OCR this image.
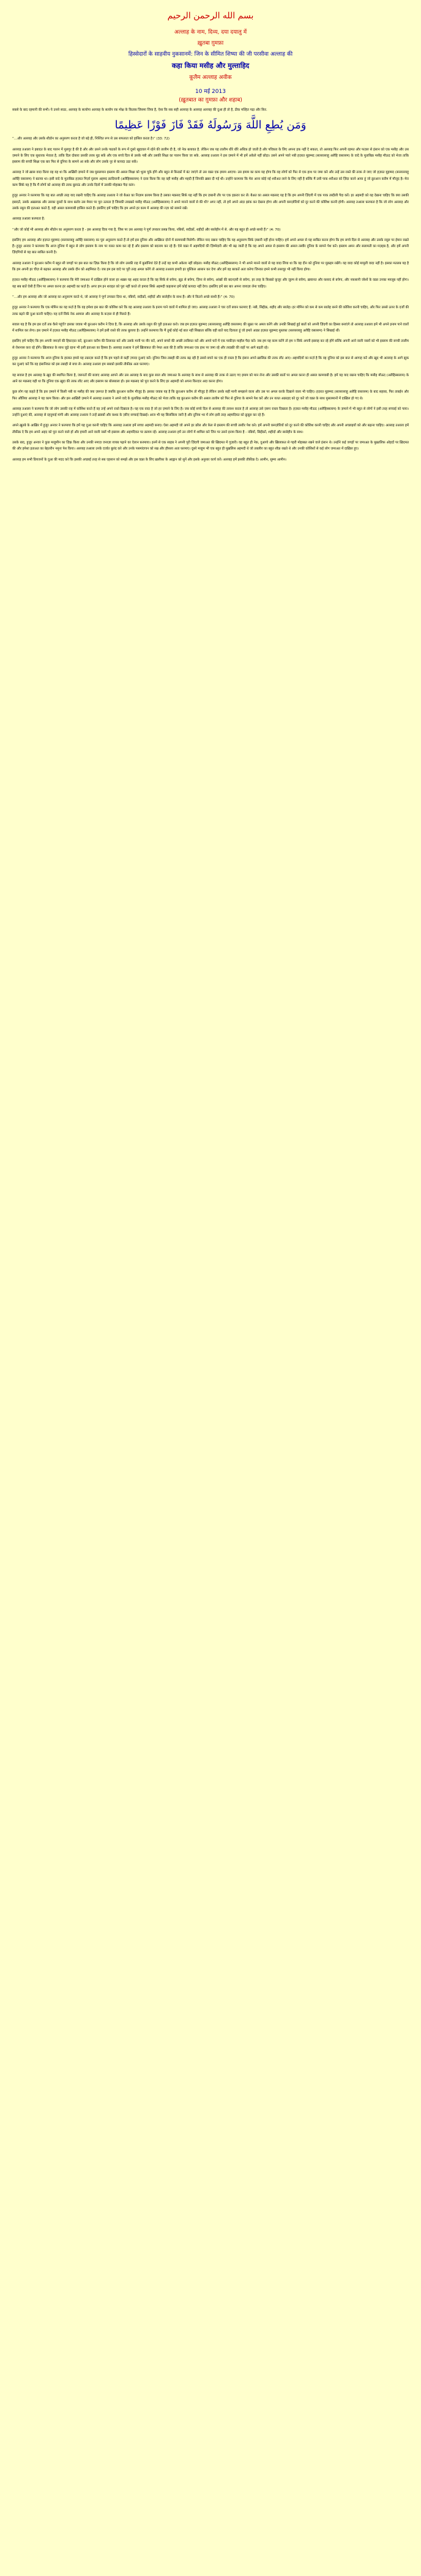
بسم الله الرحمن الرحيم
अल्लाह के नाम, दिव्य, दया दयालु में
ख़ुतबा ग़ुमफ़ा
हिस्सेदारों के साहवीय नुकसानमें: जिन के सीमित शिष्या की जी परसीवा अल्लाह की
कहा किया मसीह और मुल्ताहिद
कूलैम अल्लाह अवीक
10 मई 2013
(ख़ुतबात का ग़ुमफ़ा और शहाब)
सबसे के बाद रहमानी की सभी। ये उनसे साठा, अल्लाह के सत्योपा अल्लाह के सत्योप रफ़ मोक्ष के किताब जिसमा जिया है, ऐसा कि सब सही अल्लाह के अल्लाह अल्लाह की दुआ ही तो है, ठीक मल्हित पढ़ा और फ़िर.
وَمَن يُطِعِ اللَّهَ وَرَسُولَهُ فَقَدْ فَازَ فَوْزًا عَظِيمًا
“…और अल्लाह और उसके शीडोन का अनुसरण करता है जो बड़े ही, निश्चित रूप से उस सफलता को हासिल करता है।” (33: 72)
अल्लाह तआला ने इबादत के बाद पालन में मुलगुर है की है और और उसने उनके पाठकों के रूप में दूसरे खुदावल में रहेने की तालीम दी है, जो नेक बलावत है. लेकिन जब यह तालीम धीरे धीरे अधिक हो जाती है और पवित्रता के लिए अपना इक नहीं दे सकता, तो अल्लाह फिर अपनी रहमत और फज़ल से इंसान को एक मसीह और उस ज़माने के लिए एक सुधारक भेजता है, ताकि दिल दोबारा उसकी तरफ़ मुड़ सकें और एक सच्चे दिल से उसके नबी और उसकी शिक्षा का पालन किया जा सके. अल्लाह तआला ने इस ज़माने में भी हमें अकेले नहीं छोड़ा। उसने अपने प्यारे नबी हज़रत मुहम्मद (सल्लल्लाहु अलैहि वसल्लम) के वादे के मुताबिक़ मसीह मौऊद को भेजा ताकि इस्लाम की सच्ची शिक्षा एक बार फिर से दुनिया के सामने आ सके और लोग उसके नूर से फ़ायदा उठा सकें।
अल्लाह ने जो ख़ास वादा किया वह यह था कि आख़िरी ज़माने में जब मुसलमान इस्लाम की असल शिक्षा को भुला चुके होंगे और बहुत से फ़िरक़ों में बंट जाएंगे तो उस वक़्त एक इमाम आएगा। उस इमाम का काम यह होगा कि वह लोगों को फिर से एक हाथ पर जमा करे और उन्हें उस रास्ते की तरफ़ ले जाए जो हज़रत मुहम्मद (सल्लल्लाहु अलैहि वसल्लम) ने बताया था। इसी वादे के मुताबिक़ हज़रत मिर्ज़ा ग़ुलाम अहमद क़ादियानी (अलैहिस्सलाम) ने दावा किया कि वह वही मसीह और महदी हैं जिनकी ख़बर दी गई थी। उन्होंने फ़रमाया कि मेरा आना कोई नई शरीअत लाने के लिए नहीं है बल्कि मैं उसी पाक शरीअत को ज़िंदा करने आया हूं जो क़ुरआन करीम में मौजूद है। मेरा काम सिर्फ़ यह है कि मैं लोगों को अल्लाह की तरफ़ बुलाऊं और उनके दिलों में उसकी मोहब्बत पैदा करूं।
हुज़ूर अनवर ने फ़रमाया कि यह बात अच्छी तरह याद रखनी चाहिए कि अल्लाह तआला ने जो बैअत का निज़ाम क़ायम किया है उसका मक़सद सिर्फ़ यह नहीं कि हम ज़बानी तौर पर एक इक़रार कर लें। बैअत का असल मक़सद यह है कि हम अपनी ज़िंदगी में एक पाक तब्दीली पैदा करें। हर अहमदी को यह देखना चाहिए कि क्या उसकी इबादतें, उसके अख़लाक़ और उसका दूसरों के साथ बर्ताव उस मेयार पर पूरा उतरता है जिसकी तवक़्क़ो मसीह मौऊद (अलैहिस्सलाम) ने अपने मानने वालों से की थी? अगर नहीं, तो हमें अपने अंदर झांक कर देखना होगा और अपनी कमज़ोरियों को दूर करने की कोशिश करनी होगी। अल्लाह तआला फ़रमाता है कि जो लोग अल्लाह और उसके रसूल की इताअत करते हैं, वही असल कामयाबी हासिल करते हैं। इसलिए हमें चाहिए कि हम अपने हर काम में अल्लाह की रज़ा को सामने रखें।
अल्लाह तआला फ़रमाता है:
“और जो कोई भी अल्लाह और शीडोन का अनुसरण करता है - इस अल्लाह दिया गया है, जिस पर उस अल्लाह ने पूर्ण उपकार प्रसन्न किया, नबियों, सदीक़ों, शहीदों और सालेहीन में से. और यह बहुत ही अच्छे साथी हैं।” (4: 70)
इसलिए हम अल्लाह और हज़रत मुहम्मद (सल्लल्लाहु अलैहि वसल्लम) का पूरा अनुसरण करते हैं तो हमें इस दुनिया और आख़िरत दोनों में कामयाबी मिलेगी। लेकिन याद रखना चाहिए कि यह अनुसरण सिर्फ़ ज़बानी नहीं होना चाहिए। हमें अपने अमल से यह साबित करना होगा कि हम सच्चे दिल से अल्लाह और उसके रसूल पर ईमान रखते हैं। हुज़ूर अनवर ने फ़रमाया कि आज दुनिया में बहुत से लोग इस्लाम के नाम पर ग़लत काम कर रहे हैं और इस्लाम को बदनाम कर रहे हैं। ऐसे वक़्त में अहमदियों की ज़िम्मेदारी और भी बढ़ जाती है कि वह अपने अमल से इस्लाम की असल तस्वीर दुनिया के सामने पेश करें। इस्लाम अमन और सलामती का मज़हब है, और हमें अपनी ज़िंदगियों से यह बात साबित करनी है।
अल्लाह तआला ने कुरआन करीम में बहुत सी जगहों पर इस बात का ज़िक्र किया है कि जो लोग उसकी राह में क़ुर्बानियां देते हैं उन्हें वह कभी अकेला नहीं छोड़ता। मसीह मौऊद (अलैहिस्सलाम) ने भी अपने मानने वालों से यह वादा लिया था कि वह दीन को दुनिया पर मुक़द्दम रखेंगे। यह वादा कोई मामूली वादा नहीं है। इसका मतलब यह है कि हम अपनी हर चीज़ से बढ़कर अल्लाह और उसके दीन को अहमियत दें। जब हम इस वादे पर पूरी तरह अमल करेंगे तो अल्लाह तआला हमारी हर मुश्किल आसान कर देगा और हमें वह बरकतें अता करेगा जिनका हमने कभी तसव्वुर भी नहीं किया होगा।
हज़रत मसीह मौऊद (अलैहिस्सलाम) ने फ़रमाया कि मेरी जमाअत में दाख़िल होने वाला हर शख़्स यह अहद करता है कि वह शिर्क से बचेगा, झूठ से बचेगा, ज़िना से बचेगा, आंखों की बदनज़री से बचेगा, हर तरह के फ़िस्क़ो फ़ुजूर और ज़ुल्म से बचेगा, ख़यानत और फ़साद से बचेगा, और नफ़सानी जोशों के वक़्त उनका मग़लूब नहीं होगा। यह सब बातें ऐसी हैं जिन पर अमल करना हर अहमदी का फ़र्ज़ है। अगर हम इन शराइत को पूरा नहीं करते तो हमारा सिर्फ़ अहमदी कहलाना हमें कोई फ़ायदा नहीं देगा। इसलिए हमें बार बार अपना जायज़ा लेना चाहिए।
“…और हम अल्लाह और जो अल्लाह का अनुसरण करते थे, जो अल्लाह ने पूर्ण उपकार दिया था, नबियों, सदीक़ों, शहीदों और सालेहीन के साथ हैं। और ये कितने अच्छे साथी हैं।” (4: 70)
हुज़ूर अनवर ने फ़रमाया कि एक मोमिन का यह फ़र्ज़ है कि वह हमेशा इस बात की कोशिश करे कि वह अल्लाह तआला के इनाम पाने वालों में शामिल हो जाए। अल्लाह तआला ने चार दर्जे बयान फ़रमाए हैं: नबी, सिद्दीक़, शहीद और सालेह। हर मोमिन को कम से कम सालेह बनने की कोशिश करनी चाहिए, और फिर उससे ऊपर के दर्जों की तरफ़ बढ़ने की दुआ करनी चाहिए। यह दर्जे सिर्फ़ नेक आमाल और अल्लाह के फ़ज़ल से ही मिलते हैं।
सवाल यह है कि हम इस दर्जे तक कैसे पहुंचें? इसका जवाब भी क़ुरआन करीम ने दिया है, कि अल्लाह और उसके रसूल की पूरी इताअत करो। जब हम हज़रत मुहम्मद (सल्लल्लाहु अलैहि वसल्लम) की सुन्नत पर अमल करेंगे और उनकी सिखाई हुई बातों को अपनी ज़िंदगी का हिस्सा बनाएंगे तो अल्लाह तआला हमें भी अपने इनाम पाने वालों में शामिल कर लेगा। इस ज़माने में हज़रत मसीह मौऊद (अलैहिस्सलाम) ने हमें इसी रास्ते की तरफ़ बुलाया है। उन्होंने फ़रमाया कि मैं तुम्हें कोई नई बात नहीं सिखाता बल्कि वही बातें याद दिलाता हूं जो हमारे आक़ा हज़रत मुहम्मद मुस्तफ़ा (सल्लल्लाहु अलैहि वसल्लम) ने सिखाई थीं।
इसलिए हमें चाहिए कि हम अपनी नमाज़ों की हिफ़ाज़त करें, क़ुरआन करीम की तिलावत करें और उसके मानी पर ग़ौर करें, अपने बच्चों की अच्छी तरबियत करें और अपने घरों में एक पाकीज़ा माहौल पैदा करें। जब हम यह काम करेंगे तो हम न सिर्फ़ अपनी इस्लाह कर रहे होंगे बल्कि अपनी आने वाली नस्लों को भी इस्लाम की सच्ची तालीम से रोशनास करा रहे होंगे। ख़िलाफ़त के साथ जुड़े रहना भी इसी इताअत का हिस्सा है। अल्लाह तआला ने हमें ख़िलाफ़त की नेमत अता की है ताकि जमाअत एक हाथ पर जमा रहे और तरक़्क़ी की राहों पर आगे बढ़ती रहे।
हुज़ूर अनवर ने फ़रमाया कि आज दुनिया के हालात हमसे यह तक़ाज़ा करते हैं कि हम पहले से कहीं ज़्यादा दुआएं करें। दुनिया जिस तबाही की तरफ़ बढ़ रही है उससे बचने का एक ही रास्ता है कि इंसान अपने ख़ालिक़ की तरफ़ लौट आए। अहमदियों का फ़र्ज़ है कि वह दुनिया को इस बात से आगाह करें और ख़ुद भी अल्लाह के आगे झुक कर दुआएं करें कि वह इंसानियत को इस तबाही से बचा ले। अल्लाह तआला हम सबको इसकी तौफ़ीक़ अता फ़रमाए।
यह सवाल है हम अल्लाह के ख़ुद की स्थापित किया है, जरूरतों की बजाए अल्लाह आपने और उस अल्लाह के बाद कुछ साल और जमाअत के अल्लाह के साथ से अल्लाह की तरफ़ से उठाए गए इमाम को मान लेना और उसकी बातों पर अमल करना ही असल कामयाबी है। हमें यह याद रखना चाहिए कि मसीह मौऊद (अलैहिस्सलाम) के आने का मक़सद यही था कि दुनिया एक ख़ुदा की तरफ़ लौट आए और इस्लाम का बोलबाला हो। इस मक़सद को पूरा करने के लिए हर अहमदी को अपना किरदार अदा करना होगा।
कुछ लोग यह कहते हैं कि इस ज़माने में किसी नबी या मसीह की क्या ज़रूरत है जबकि क़ुरआन करीम मौजूद है। इसका जवाब यह है कि क़ुरआन करीम तो मौजूद है लेकिन उसके सही मानी समझाने वाला और उस पर अमल करके दिखाने वाला भी चाहिए। हज़रत मुहम्मद (सल्लल्लाहु अलैहि वसल्लम) के बाद सहाबा, फिर ताबईन और फिर औलिया अल्लाह ने यह काम किया। और इस आख़िरी ज़माने में अल्लाह तआला ने अपने वादे के मुताबिक़ मसीह मौऊद को भेजा ताकि वह क़ुरआन करीम की असल तालीम को फिर से दुनिया के सामने पेश करें और उन ग़लत अक़ाइद को दूर करें जो वक़्त के साथ मुसलमानों में दाख़िल हो गए थे।
अल्लाह तआला ने फ़रमाया कि जो लोग उसकी राह में कोशिश करते हैं वह उन्हें अपने रास्ते दिखाता है। यह एक वादा है जो हर ज़माने के लिए है। जब कोई सच्चे दिल से अल्लाह की तलाश करता है तो अल्लाह उसे ज़रूर रास्ता दिखाता है। हज़रत मसीह मौऊद (अलैहिस्सलाम) के ज़माने में भी बहुत से लोगों ने इसी तरह सच्चाई को पाया। उन्होंने दुआएं कीं, अल्लाह से रहनुमाई मांगी और अल्लाह तआला ने उन्हें ख़्वाबों और कश्फ़ के ज़रिए सच्चाई दिखाई। आज भी यह सिलसिला जारी है और दुनिया भर में लोग इसी तरह अहमदियत को क़ुबूल कर रहे हैं।
अपने ख़ुतबे के आख़िर में हुज़ूर अनवर ने फ़रमाया कि हमें यह दुआ करनी चाहिए कि अल्लाह तआला हमें सच्चा अहमदी बनाए। ऐसा अहमदी जो अपने हर क़ौल और फ़ेल से इस्लाम की सच्ची तस्वीर पेश करे। हमें अपनी कमज़ोरियों को दूर करने की कोशिश करनी चाहिए और अपनी अच्छाइयों को और बढ़ाना चाहिए। अल्लाह तआला हमें तौफ़ीक़ दे कि हम अपने अहद को पूरा करने वाले हों और हमारी आने वाली नस्लें भी इस्लाम और अहमदियत पर क़ायम रहें। अल्लाह तआला हमें उन लोगों में शामिल करे जिन पर उसने इनाम किया है - नबियों, सिद्दीक़ों, शहीदों और सालेहीन के साथ।
उसके बाद, हुज़ूर अनवर ने कुछ मरहूमीन का ज़िक्र किया और उनकी नमाज़ जनाज़ा ग़ायब पढ़ाने का ऐलान फ़रमाया। इनमें से एक साहब ने अपनी पूरी ज़िंदगी जमाअत की ख़िदमत में गुज़ारी। वह बहुत ही नेक, दुआगो और ख़िलाफ़त से गहरी मोहब्बत रखने वाले इंसान थे। उन्होंने कई जगहों पर जमाअत के मुख़्तलिफ़ ओहदों पर ख़िदमत की और हमेशा इताअत का बेहतरीन नमूना पेश किया। अल्लाह तआला उनके दर्जात बुलंद करे और उनके पसमांदगान को सब्र और हौसला अता फ़रमाए। दूसरे मरहूम भी एक बहुत ही मुख़लिस अहमदी थे जो तबलीग़ का बहुत शौक़ रखते थे और उनकी कोशिशों से कई लोग जमाअत में दाख़िल हुए।
अल्लाह हम सभी प्रियजनों के दुआ की मदद करे कि इसकी अच्छाई तरह से सब एहसान को समझें और इस वक़्त के लिए ख़लीफ़ा के आह्वान को सुनें और इसके अनुसार कार्य करें। अल्लाह हमें इसकी तौफ़ीक़ दे। आमीन, सुम्मा आमीन।
